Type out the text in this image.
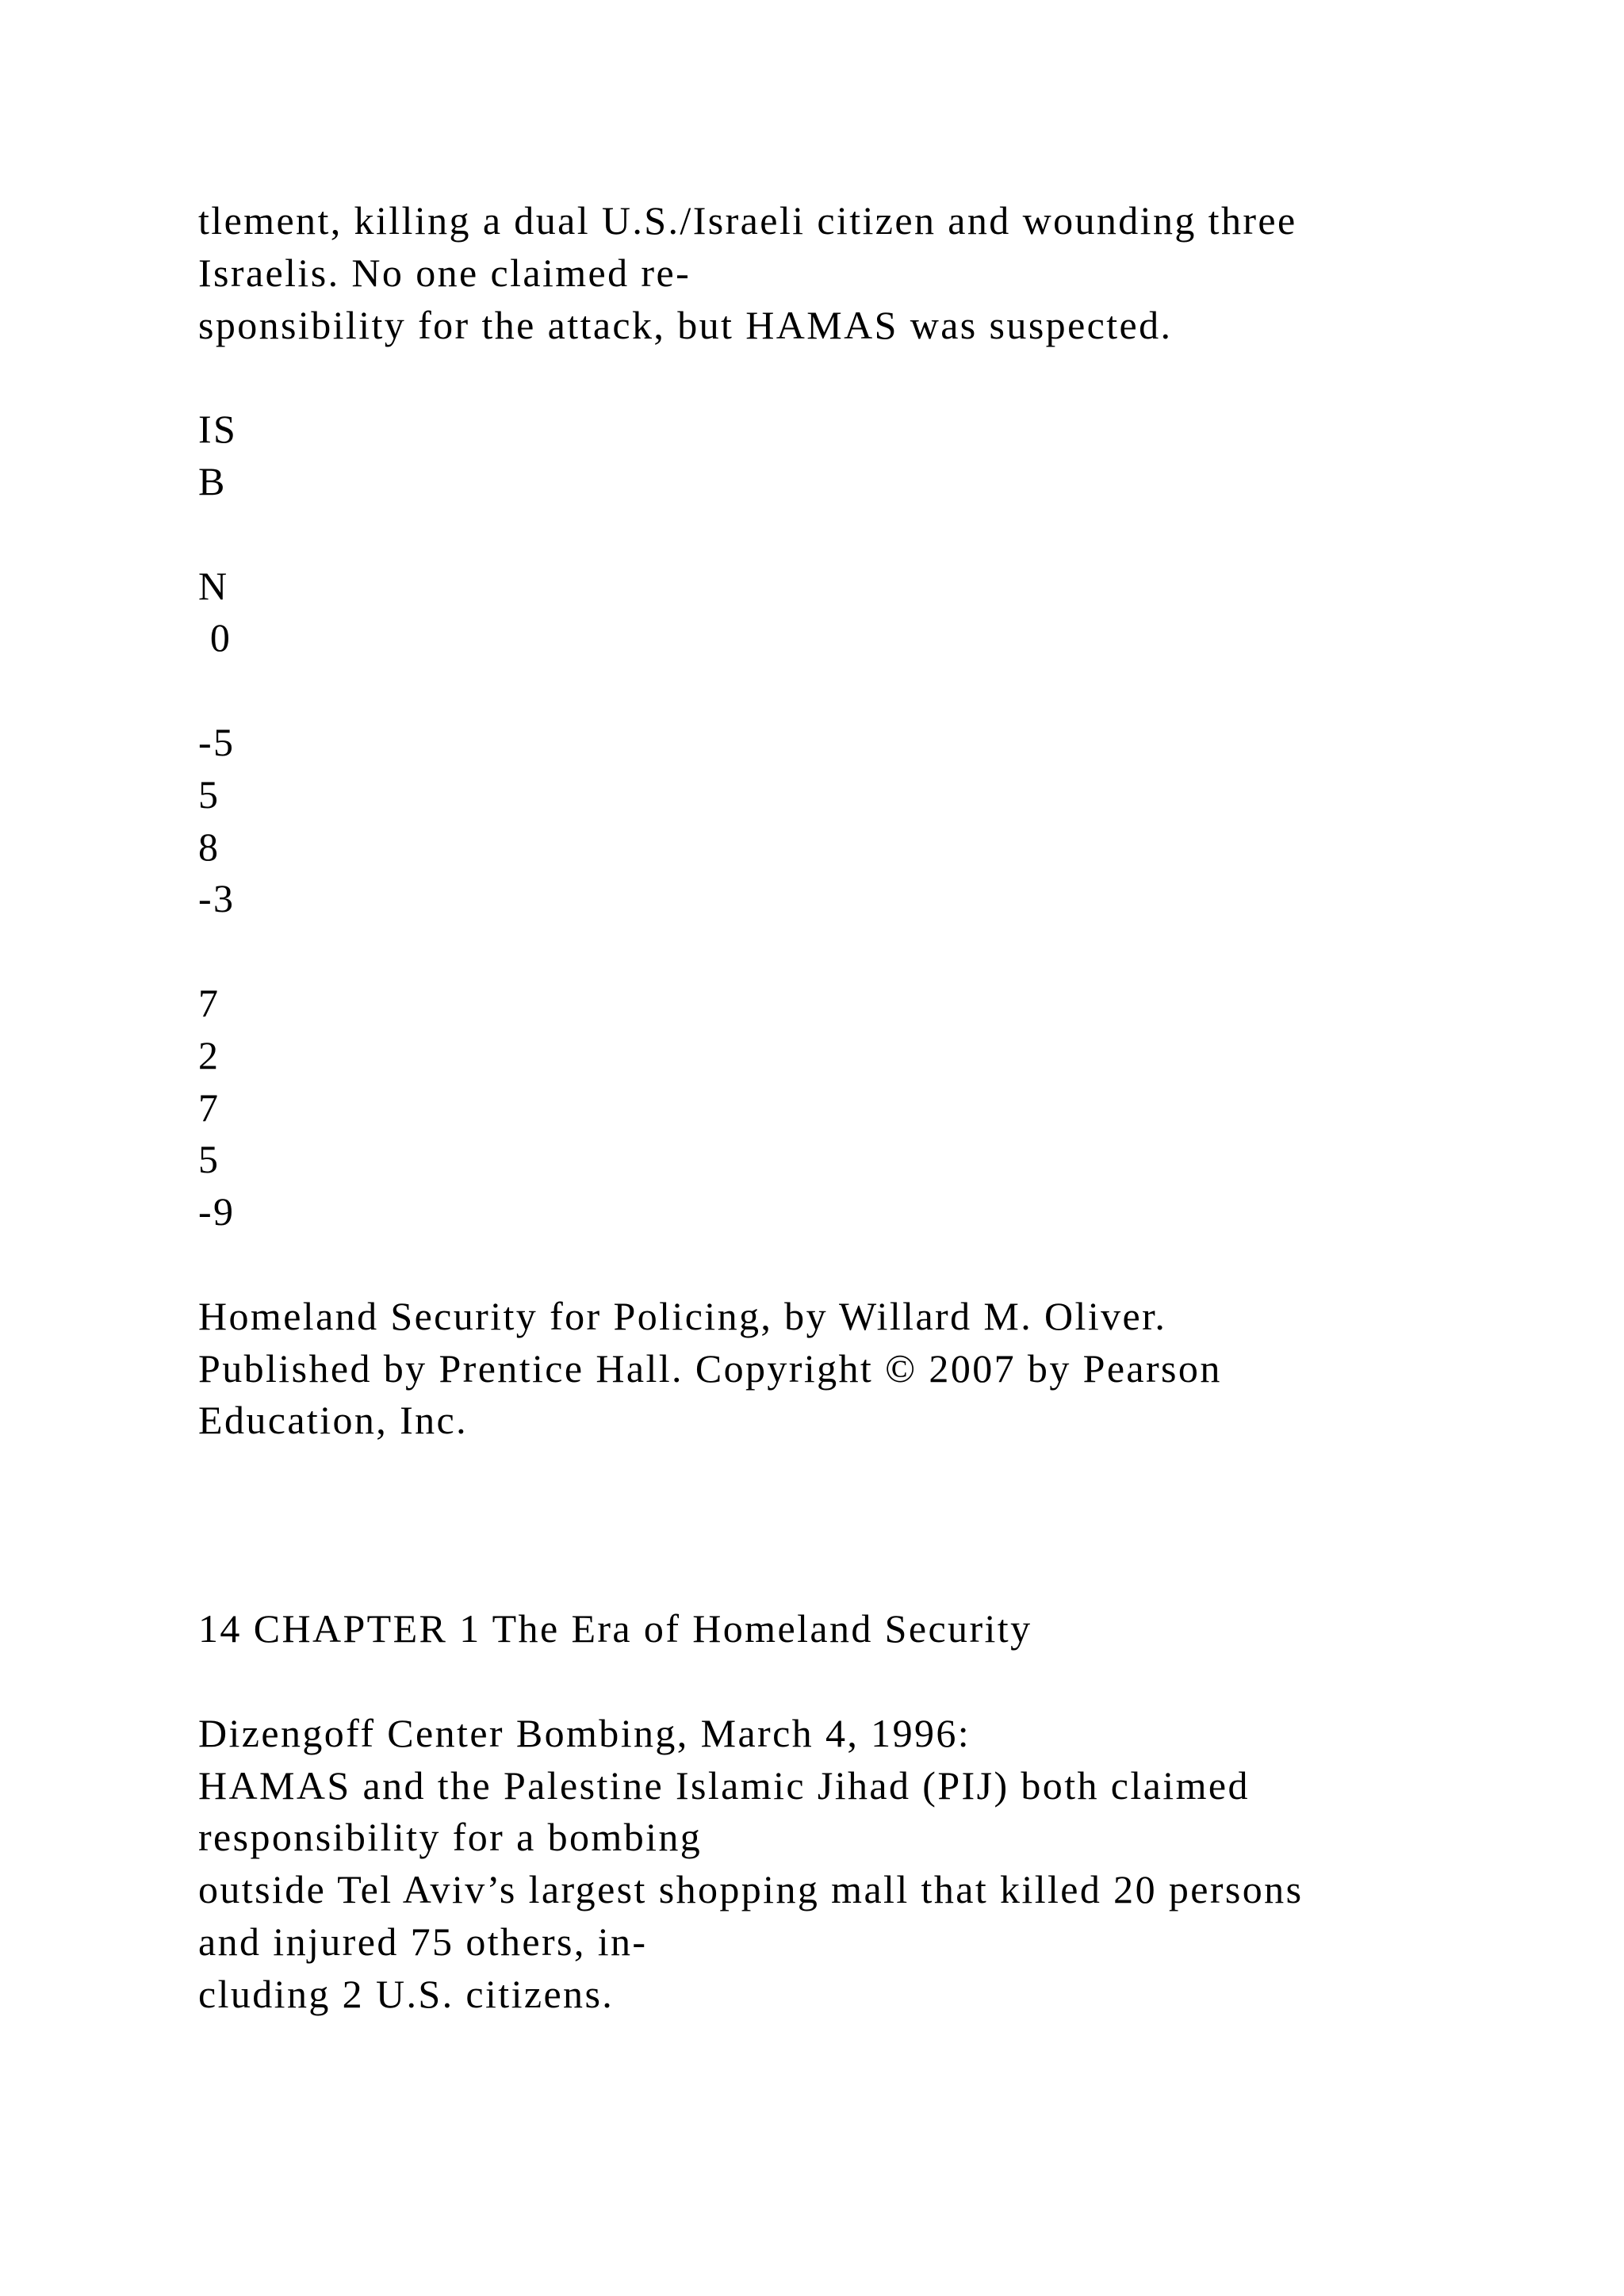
tlement, killing a dual U.S./Israeli citizen and wounding three
Israelis. No one claimed re-
sponsibility for the attack, but HAMAS was suspected.
IS
B
N
0
-5
5
8
-3
7
2
7
5
-9
Homeland Security for Policing, by Willard M. Oliver.
Published by Prentice Hall. Copyright © 2007 by Pearson
Education, Inc.
14 CHAPTER 1 The Era of Homeland Security
Dizengoff Center Bombing, March 4, 1996:
HAMAS and the Palestine Islamic Jihad (PIJ) both claimed
responsibility for a bombing
outside Tel Aviv’s largest shopping mall that killed 20 persons
and injured 75 others, in-
cluding 2 U.S. citizens.
